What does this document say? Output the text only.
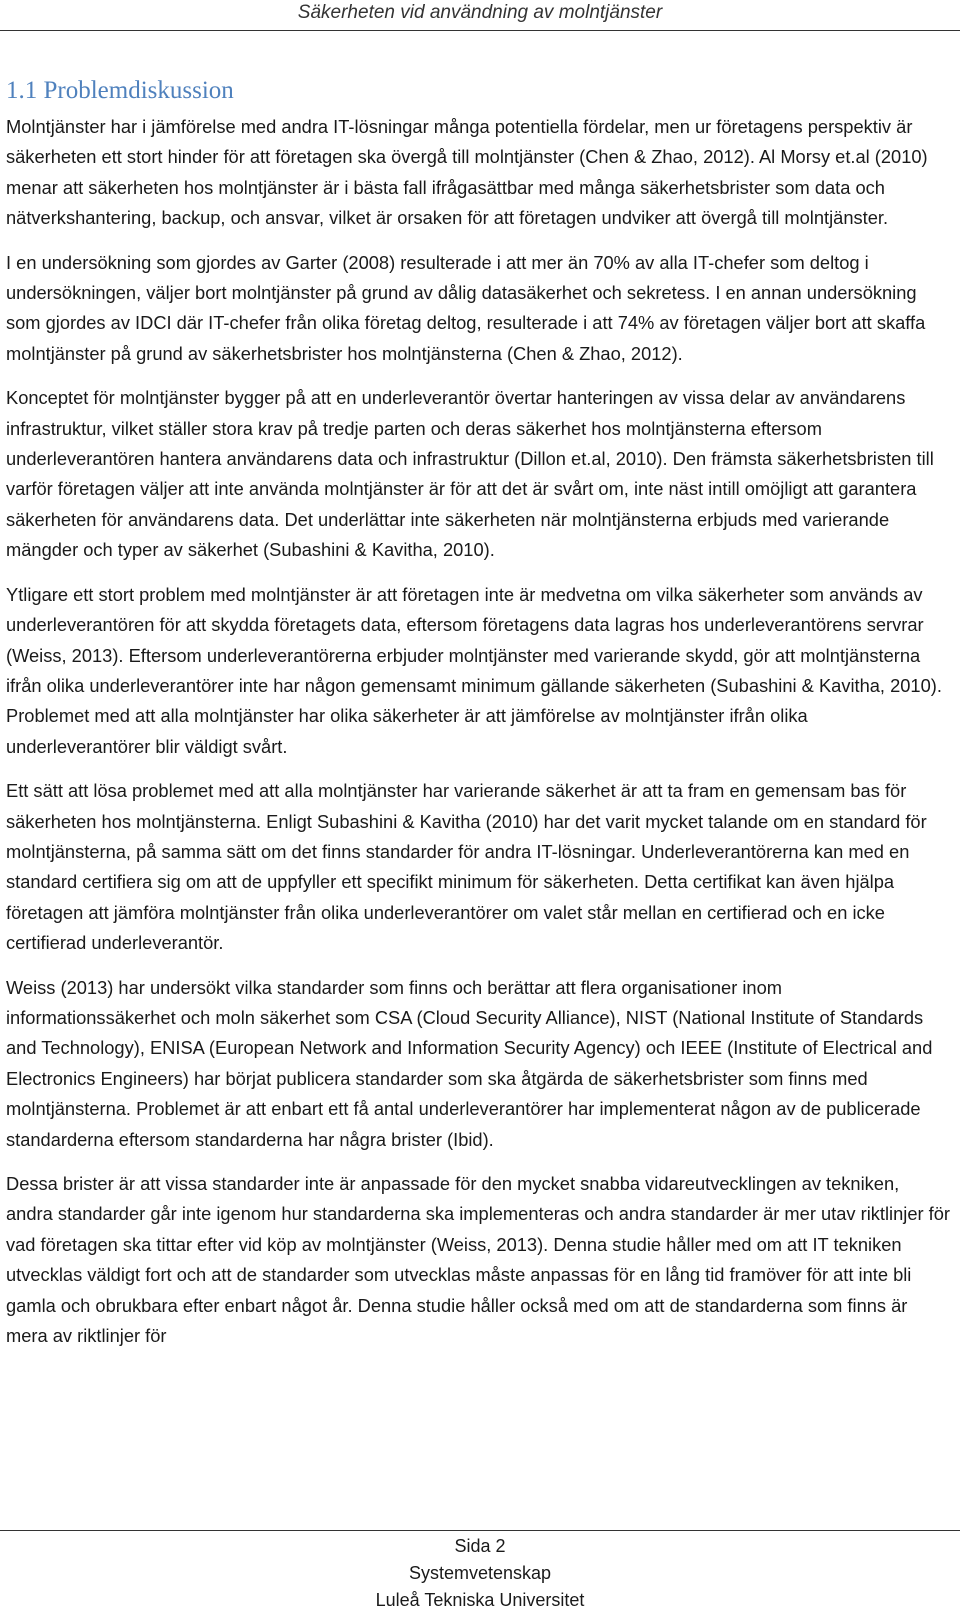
Säkerheten vid användning av molntjänster
1.1 Problemdiskussion

Molntjänster har i jämförelse med andra IT-lösningar många potentiella fördelar, men ur företagens perspektiv är säkerheten ett stort hinder för att företagen ska övergå till molntjänster (Chen & Zhao, 2012). Al Morsy et.al (2010) menar att säkerheten hos molntjänster är i bästa fall ifrågasättbar med många säkerhetsbrister som data och nätverkshantering, backup, och ansvar, vilket är orsaken för att företagen undviker att övergå till molntjänster.

I en undersökning som gjordes av Garter (2008) resulterade i att mer än 70% av alla IT-chefer som deltog i undersökningen, väljer bort molntjänster på grund av dålig datasäkerhet och sekretess. I en annan undersökning som gjordes av IDCI där IT-chefer från olika företag deltog, resulterade i att 74% av företagen väljer bort att skaffa molntjänster på grund av säkerhetsbrister hos molntjänsterna (Chen & Zhao, 2012).

Konceptet för molntjänster bygger på att en underleverantör övertar hanteringen av vissa delar av användarens infrastruktur, vilket ställer stora krav på tredje parten och deras säkerhet hos molntjänsterna eftersom underleverantören hantera användarens data och infrastruktur (Dillon et.al, 2010). Den främsta säkerhetsbristen till varför företagen väljer att inte använda molntjänster är för att det är svårt om, inte näst intill omöjligt att garantera säkerheten för användarens data. Det underlättar inte säkerheten när molntjänsterna erbjuds med varierande mängder och typer av säkerhet (Subashini & Kavitha, 2010).

Ytligare ett stort problem med molntjänster är att företagen inte är medvetna om vilka säkerheter som används av underleverantören för att skydda företagets data, eftersom företagens data lagras hos underleverantörens servrar (Weiss, 2013). Eftersom underleverantörerna erbjuder molntjänster med varierande skydd, gör att molntjänsterna ifrån olika underleverantörer inte har någon gemensamt minimum gällande säkerheten (Subashini & Kavitha, 2010). Problemet med att alla molntjänster har olika säkerheter är att jämförelse av molntjänster ifrån olika underleverantörer blir väldigt svårt.

Ett sätt att lösa problemet med att alla molntjänster har varierande säkerhet är att ta fram en gemensam bas för säkerheten hos molntjänsterna. Enligt Subashini & Kavitha (2010) har det varit mycket talande om en standard för molntjänsterna, på samma sätt om det finns standarder för andra IT-lösningar. Underleverantörerna kan med en standard certifiera sig om att de uppfyller ett specifikt minimum för säkerheten. Detta certifikat kan även hjälpa företagen att jämföra molntjänster från olika underleverantörer om valet står mellan en certifierad och en icke certifierad underleverantör.

Weiss (2013) har undersökt vilka standarder som finns och berättar att flera organisationer inom informationssäkerhet och moln säkerhet som CSA (Cloud Security Alliance), NIST (National Institute of Standards and Technology), ENISA (European Network and Information Security Agency) och IEEE (Institute of Electrical and Electronics Engineers) har börjat publicera standarder som ska åtgärda de säkerhetsbrister som finns med molntjänsterna. Problemet är att enbart ett få antal underleverantörer har implementerat någon av de publicerade standarderna eftersom standarderna har några brister (Ibid).

Dessa brister är att vissa standarder inte är anpassade för den mycket snabba vidareutvecklingen av tekniken, andra standarder går inte igenom hur standarderna ska implementeras och andra standarder är mer utav riktlinjer för vad företagen ska tittar efter vid köp av molntjänster (Weiss, 2013). Denna studie håller med om att IT tekniken utvecklas väldigt fort och att de standarder som utvecklas måste anpassas för en lång tid framöver för att inte bli gamla och obrukbara efter enbart något år. Denna studie håller också med om att de standarderna som finns är mera av riktlinjer för

Sida 2
Systemvetenskap
Luleå Tekniska Universitet
